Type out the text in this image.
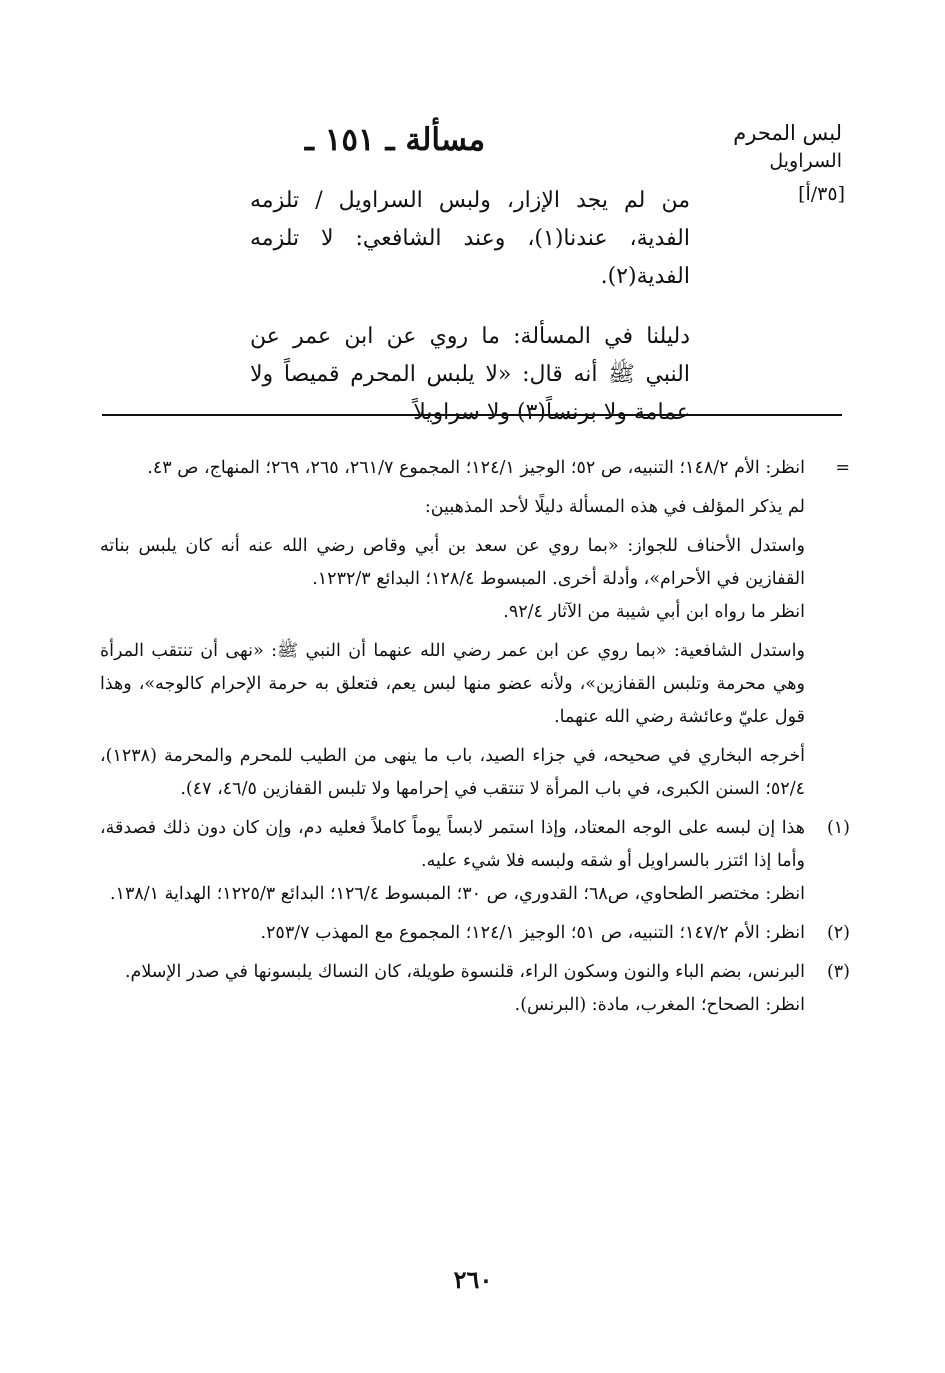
لبس المحرم
السراويل
[٣٥/أ]
مسألة ـ ١٥١ ـ

من لم يجد الإزار، ولبس السراويل / تلزمه الفدية، عندنا(١)، وعند الشافعي: لا تلزمه الفدية(٢).

دليلنا في المسألة: ما روي عن ابن عمر عن النبي ﷺ أنه قال: «لا يلبس المحرم قميصاً ولا عمامة ولا برنساً(٣) ولا سراويلاً

=

انظر: الأم ١٤٨/٢؛ التنبيه، ص ٥٢؛ الوجيز ١٢٤/١؛ المجموع ٢٦١/٧، ٢٦٥، ٢٦٩؛ المنهاج، ص ٤٣.

لم يذكر المؤلف في هذه المسألة دليلًا لأحد المذهبين:

واستدل الأحناف للجواز: «بما روي عن سعد بن أبي وقاص رضي الله عنه أنه كان يلبس بناته القفازين في الأحرام»، وأدلة أخرى. المبسوط ١٢٨/٤؛ البدائع ١٢٣٢/٣.

انظر ما رواه ابن أبي شيبة من الآثار ٩٢/٤.

واستدل الشافعية: «بما روي عن ابن عمر رضي الله عنهما أن النبي ﷺ: «نهى أن تنتقب المرأة وهي محرمة وتلبس القفازين»، ولأنه عضو منها لبس يعم، فتعلق به حرمة الإحرام كالوجه»، وهذا قول عليّ وعائشة رضي الله عنهما.

أخرجه البخاري في صحيحه، في جزاء الصيد، باب ما ينهى من الطيب للمحرم والمحرمة (١٢٣٨)، ٥٢/٤؛ السنن الكبرى، في باب المرأة لا تنتقب في إحرامها ولا تلبس القفازين ٤٦/٥، ٤٧).

(١)

هذا إن لبسه على الوجه المعتاد، وإذا استمر لابساً يوماً كاملاً فعليه دم، وإن كان دون ذلك فصدقة، وأما إذا ائتزر بالسراويل أو شقه ولبسه فلا شيء عليه.

انظر: مختصر الطحاوي، ص٦٨؛ القدوري، ص ٣٠؛ المبسوط ١٢٦/٤؛ البدائع ١٢٢٥/٣؛ الهداية ١٣٨/١.

(٢)

انظر: الأم ١٤٧/٢؛ التنبيه، ص ٥١؛ الوجيز ١٢٤/١؛ المجموع مع المهذب ٢٥٣/٧.

(٣)

البرنس، بضم الباء والنون وسكون الراء، قلنسوة طويلة، كان النساك يلبسونها في صدر الإسلام.

انظر: الصحاح؛ المغرب، مادة: (البرنس).

٢٦٠
